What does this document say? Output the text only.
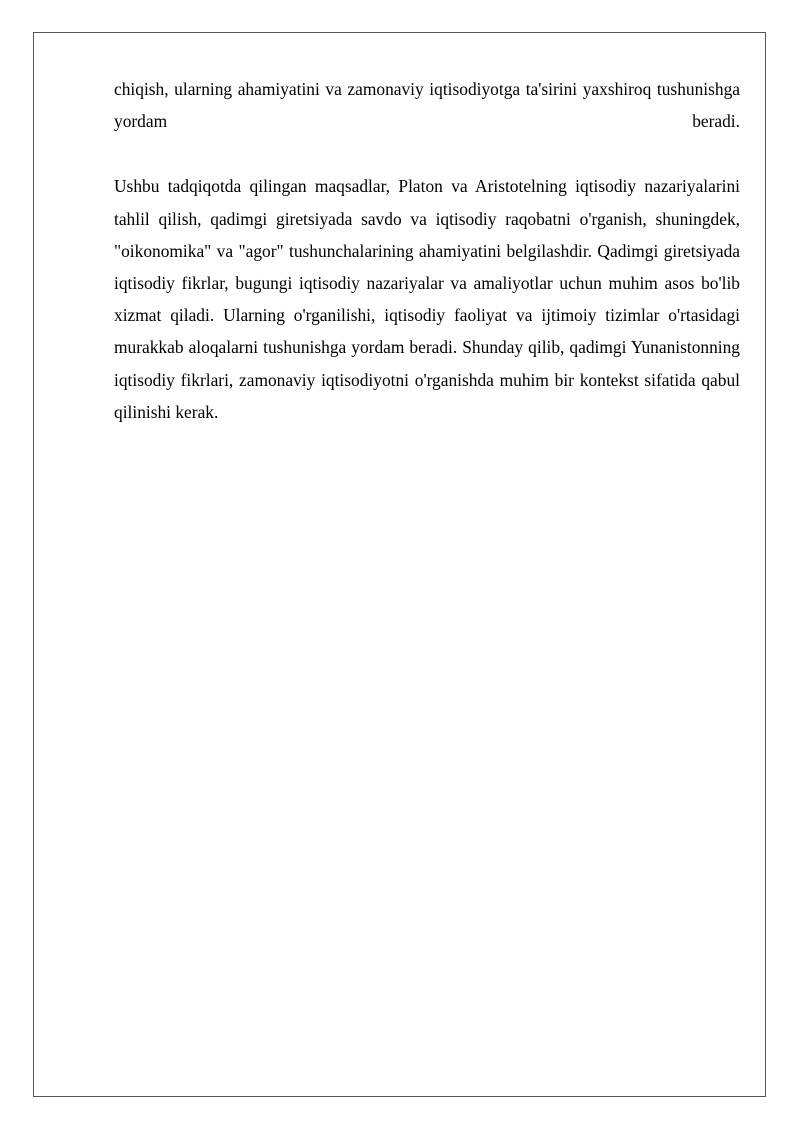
chiqish, ularning ahamiyatini va zamonaviy iqtisodiyotga ta'sirini yaxshiroq tushunishga yordam beradi.

Ushbu tadqiqotda qilingan maqsadlar, Platon va Aristotelning iqtisodiy nazariyalarini tahlil qilish, qadimgi giretsiyada savdo va iqtisodiy raqobatni o'rganish, shuningdek, "oikonomika" va "agor" tushunchalarining ahamiyatini belgilashdir. Qadimgi giretsiyada iqtisodiy fikrlar, bugungi iqtisodiy nazariyalar va amaliyotlar uchun muhim asos bo'lib xizmat qiladi. Ularning o'rganilishi, iqtisodiy faoliyat va ijtimoiy tizimlar o'rtasidagi murakkab aloqalarni tushunishga yordam beradi. Shunday qilib, qadimgi Yunanistonning iqtisodiy fikrlari, zamonaviy iqtisodiyotni o'rganishda muhim bir kontekst sifatida qabul qilinishi kerak.
